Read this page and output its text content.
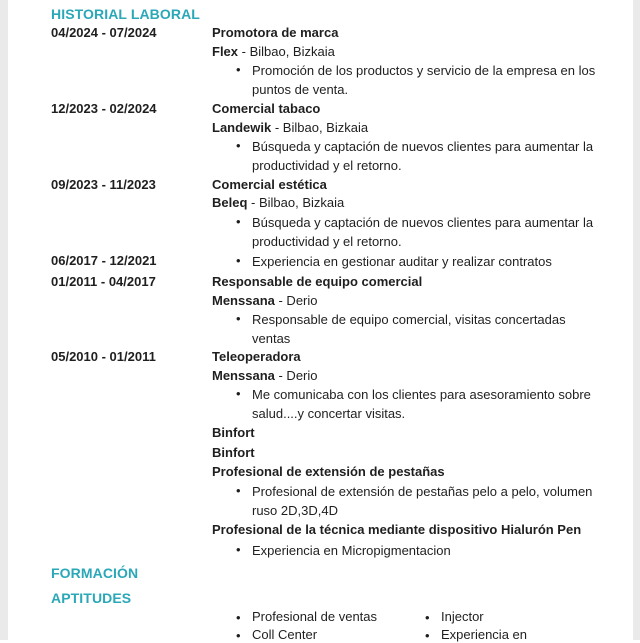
HISTORIAL LABORAL
04/2024 - 07/2024	Promotora de marca
Flex - Bilbao, Bizkaia
• Promoción de los productos y servicio de la empresa en los puntos de venta.
12/2023 - 02/2024	Comercial tabaco
Landewik - Bilbao, Bizkaia
• Búsqueda y captación de nuevos clientes para aumentar la productividad y el retorno.
09/2023 - 11/2023	Comercial estética
Beleq - Bilbao, Bizkaia
• Búsqueda y captación de nuevos clientes para aumentar la productividad y el retorno.
06/2017 - 12/2021	• Experiencia en gestionar auditar y realizar contratos
01/2011 - 04/2017	Responsable de equipo comercial
Menssana - Derio
• Responsable de equipo comercial, visitas concertadas ventas
05/2010 - 01/2011	Teleoperadora
Menssana - Derio
• Me comunicaba con los clientes para asesoramiento sobre salud....y concertar visitas.
Binfort
Binfort
Profesional de extensión de pestañas
• Profesional de extensión de pestañas pelo a pelo, volumen ruso 2D,3D,4D
Profesional de la técnica mediante dispositivo Hialurón Pen
• Experiencia en Micropigmentacion
FORMACIÓN
APTITUDES
• Profesional de ventas	• Injector
• Coll Center	• Experiencia en
